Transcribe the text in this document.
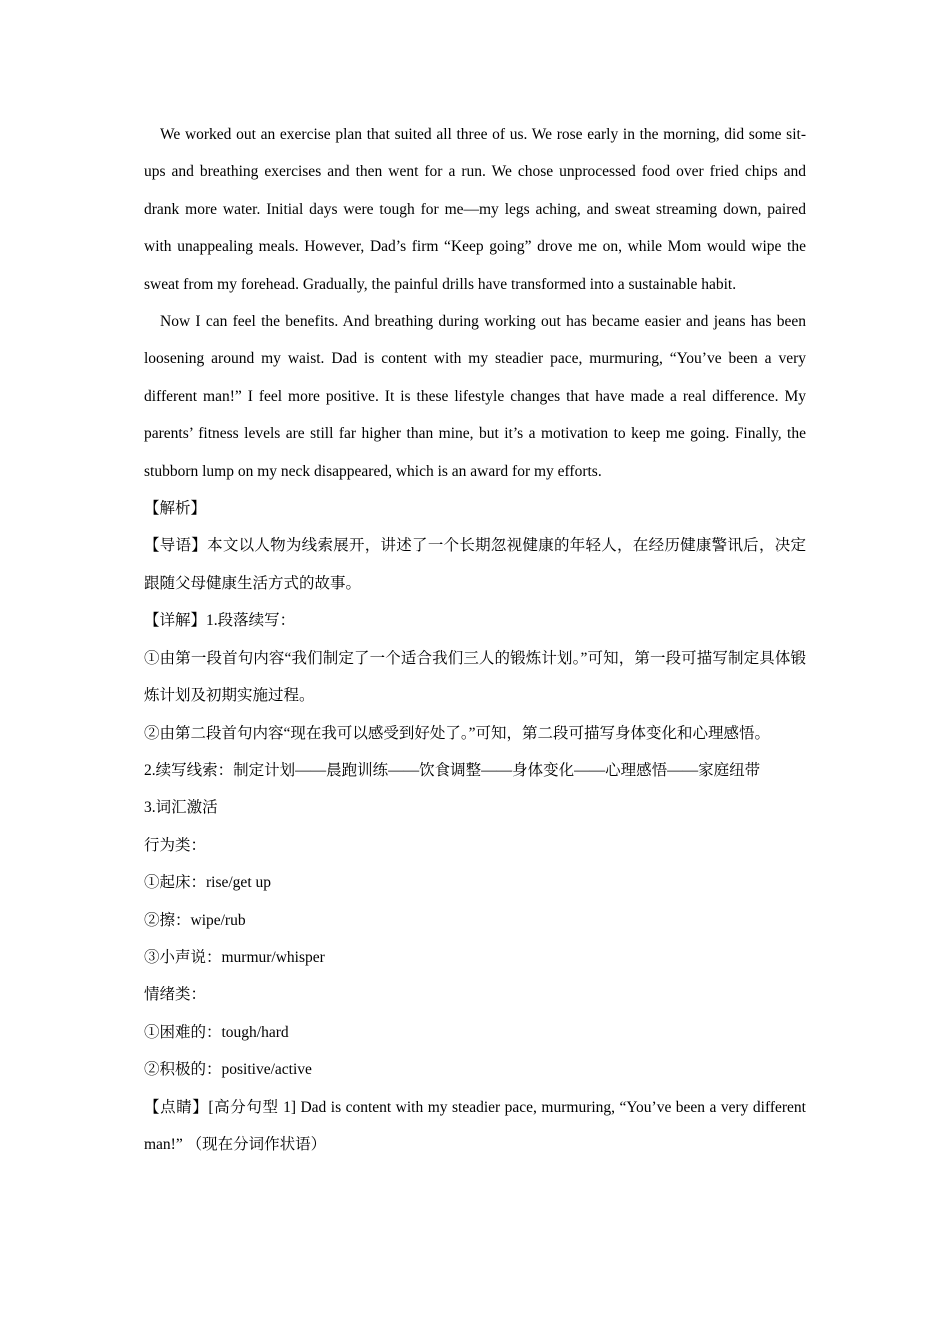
We worked out an exercise plan that suited all three of us. We rose early in the morning, did some sit-ups and breathing exercises and then went for a run. We chose unprocessed food over fried chips and drank more water. Initial days were tough for me—my legs aching, and sweat streaming down, paired with unappealing meals. However, Dad’s firm “Keep going” drove me on, while Mom would wipe the sweat from my forehead. Gradually, the painful drills have transformed into a sustainable habit.

Now I can feel the benefits. And breathing during working out has became easier and jeans has been loosening around my waist. Dad is content with my steadier pace, murmuring, “You’ve been a very different man!” I feel more positive. It is these lifestyle changes that have made a real difference. My parents’ fitness levels are still far higher than mine, but it’s a motivation to keep me going. Finally, the stubborn lump on my neck disappeared, which is an award for my efforts.

【解析】

【导语】本文以人物为线索展开，讲述了一个长期忽视健康的年轻人，在经历健康警讯后，决定跟随父母健康生活方式的故事。

【详解】1.段落续写：

①由第一段首句内容“我们制定了一个适合我们三人的锻炼计划。”可知，第一段可描写制定具体锻炼计划及初期实施过程。

②由第二段首句内容“现在我可以感受到好处了。”可知，第二段可描写身体变化和心理感悟。

2.续写线索：制定计划——晨跑训练——饮食调整——身体变化——心理感悟——家庭纽带

3.词汇激活

行为类：

①起床：rise/get up

②擦：wipe/rub

③小声说：murmur/whisper

情绪类：

①困难的：tough/hard

②积极的：positive/active

【点睛】[高分句型 1] Dad is content with my steadier pace, murmuring, “You’ve been a very different man!” （现在分词作状语）
